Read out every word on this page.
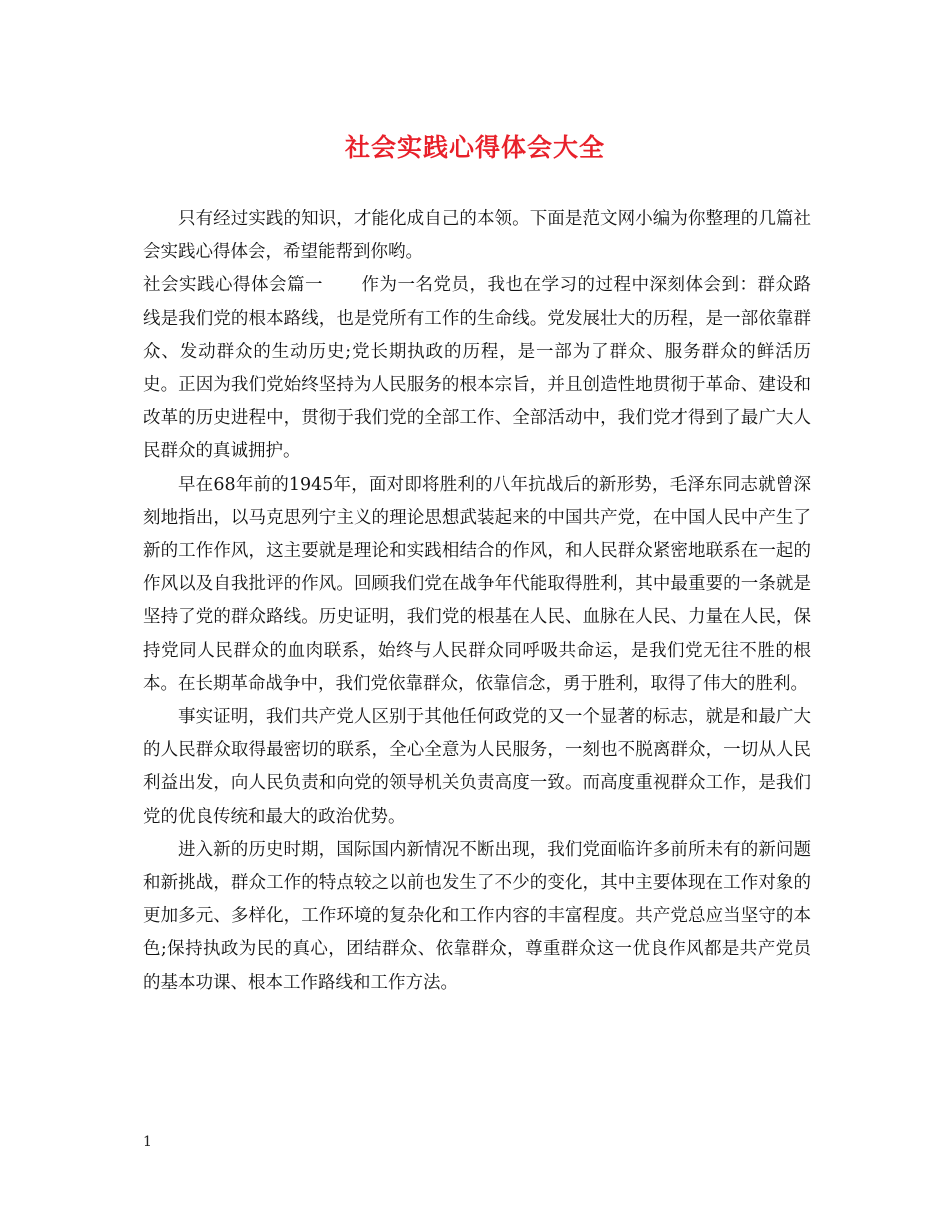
社会实践心得体会大全

只有经过实践的知识，才能化成自己的本领。下面是范文网小编为你整理的几篇社会实践心得体会，希望能帮到你哟。

社会实践心得体会篇一 作为一名党员，我也在学习的过程中深刻体会到：群众路线是我们党的根本路线，也是党所有工作的生命线。党发展壮大的历程，是一部依靠群众、发动群众的生动历史;党长期执政的历程，是一部为了群众、服务群众的鲜活历史。正因为我们党始终坚持为人民服务的根本宗旨，并且创造性地贯彻于革命、建设和改革的历史进程中，贯彻于我们党的全部工作、全部活动中，我们党才得到了最广大人民群众的真诚拥护。

早在68年前的1945年，面对即将胜利的八年抗战后的新形势，毛泽东同志就曾深刻地指出，以马克思列宁主义的理论思想武装起来的中国共产党，在中国人民中产生了新的工作作风，这主要就是理论和实践相结合的作风，和人民群众紧密地联系在一起的作风以及自我批评的作风。回顾我们党在战争年代能取得胜利，其中最重要的一条就是坚持了党的群众路线。历史证明，我们党的根基在人民、血脉在人民、力量在人民，保持党同人民群众的血肉联系，始终与人民群众同呼吸共命运，是我们党无往不胜的根本。在长期革命战争中，我们党依靠群众，依靠信念，勇于胜利，取得了伟大的胜利。

事实证明，我们共产党人区别于其他任何政党的又一个显著的标志，就是和最广大的人民群众取得最密切的联系，全心全意为人民服务，一刻也不脱离群众，一切从人民利益出发，向人民负责和向党的领导机关负责高度一致。而高度重视群众工作，是我们党的优良传统和最大的政治优势。

进入新的历史时期，国际国内新情况不断出现，我们党面临许多前所未有的新问题和新挑战，群众工作的特点较之以前也发生了不少的变化，其中主要体现在工作对象的更加多元、多样化，工作环境的复杂化和工作内容的丰富程度。共产党总应当坚守的本色;保持执政为民的真心，团结群众、依靠群众，尊重群众这一优良作风都是共产党员的基本功课、根本工作路线和工作方法。

1
